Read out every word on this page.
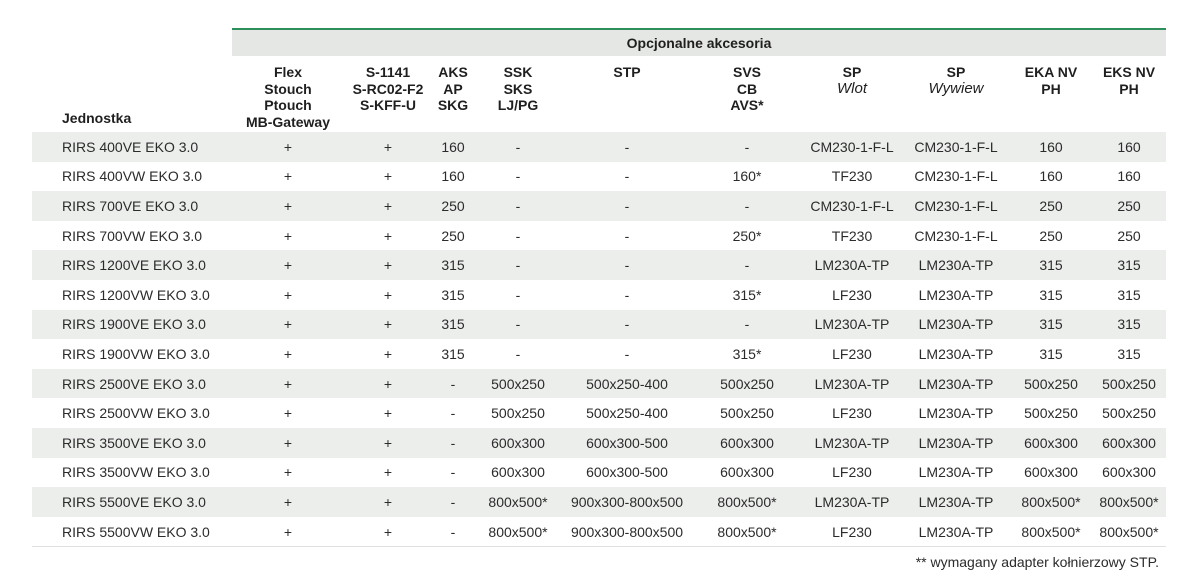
Opcjonalne akcesoria
Jednostka	Flex
Stouch
Ptouch
MB-Gateway	S-1141
S-RC02-F2
S-KFF-U	AKS
AP
SKG	SSK
SKS
LJ/PG	STP	SVS
CB
AVS*	SP
Wlot	SP
Wywiew	EKA NV
PH	EKS NV
PH
RIRS 400VE EKO 3.0	+	+	160	-	-	-	CM230-1-F-L	CM230-1-F-L	160	160
RIRS 400VW EKO 3.0	+	+	160	-	-	160*	TF230	CM230-1-F-L	160	160
RIRS 700VE EKO 3.0	+	+	250	-	-	-	CM230-1-F-L	CM230-1-F-L	250	250
RIRS 700VW EKO 3.0	+	+	250	-	-	250*	TF230	CM230-1-F-L	250	250
RIRS 1200VE EKO 3.0	+	+	315	-	-	-	LM230A-TP	LM230A-TP	315	315
RIRS 1200VW EKO 3.0	+	+	315	-	-	315*	LF230	LM230A-TP	315	315
RIRS 1900VE EKO 3.0	+	+	315	-	-	-	LM230A-TP	LM230A-TP	315	315
RIRS 1900VW EKO 3.0	+	+	315	-	-	315*	LF230	LM230A-TP	315	315
RIRS 2500VE EKO 3.0	+	+	-	500x250	500x250-400	500x250	LM230A-TP	LM230A-TP	500x250	500x250
RIRS 2500VW EKO 3.0	+	+	-	500x250	500x250-400	500x250	LF230	LM230A-TP	500x250	500x250
RIRS 3500VE EKO 3.0	+	+	-	600x300	600x300-500	600x300	LM230A-TP	LM230A-TP	600x300	600x300
RIRS 3500VW EKO 3.0	+	+	-	600x300	600x300-500	600x300	LF230	LM230A-TP	600x300	600x300
RIRS 5500VE EKO 3.0	+	+	-	800x500*	900x300-800x500	800x500*	LM230A-TP	LM230A-TP	800x500*	800x500*
RIRS 5500VW EKO 3.0	+	+	-	800x500*	900x300-800x500	800x500*	LF230	LM230A-TP	800x500*	800x500*
** wymagany adapter kołnierzowy STP.
